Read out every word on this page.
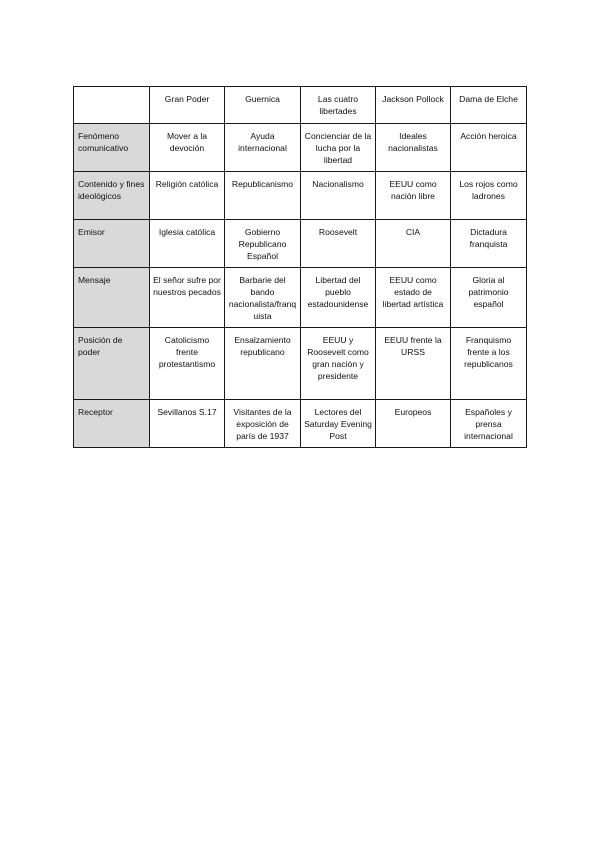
	Gran Poder	Guernica	Las cuatro libertades	Jackson Pollock	Dama de Elche

Fenómeno comunicativo	Mover a la devoción	Ayuda internacional	Concienciar de la lucha por la libertad	Ideales nacionalistas	Acción heroica

Contenido y fines ideológicos	Religión católica	Republicanismo	Nacionalismo	EEUU como nación libre	Los rojos como ladrones

Emisor	Iglesia católica	Gobierno Republicano Español	Roosevelt	CIA	Dictadura franquista

Mensaje	El señor sufre por nuestros pecados	Barbarie del bando nacionalista/franquista	Libertad del pueblo estadounidense	EEUU como estado de libertad artística	Gloria al patrimonio español

Posición de poder	Catolicismo frente protestantismo	Ensalzamiento republicano	EEUU y Roosevelt como gran nación y presidente	EEUU frente la URSS	Franquismo frente a los republicanos

Receptor	Sevillanos S.17	Visitantes de la exposición de parís de 1937	Lectores del Saturday Evening Post	Europeos	Españoles y prensa internacional
